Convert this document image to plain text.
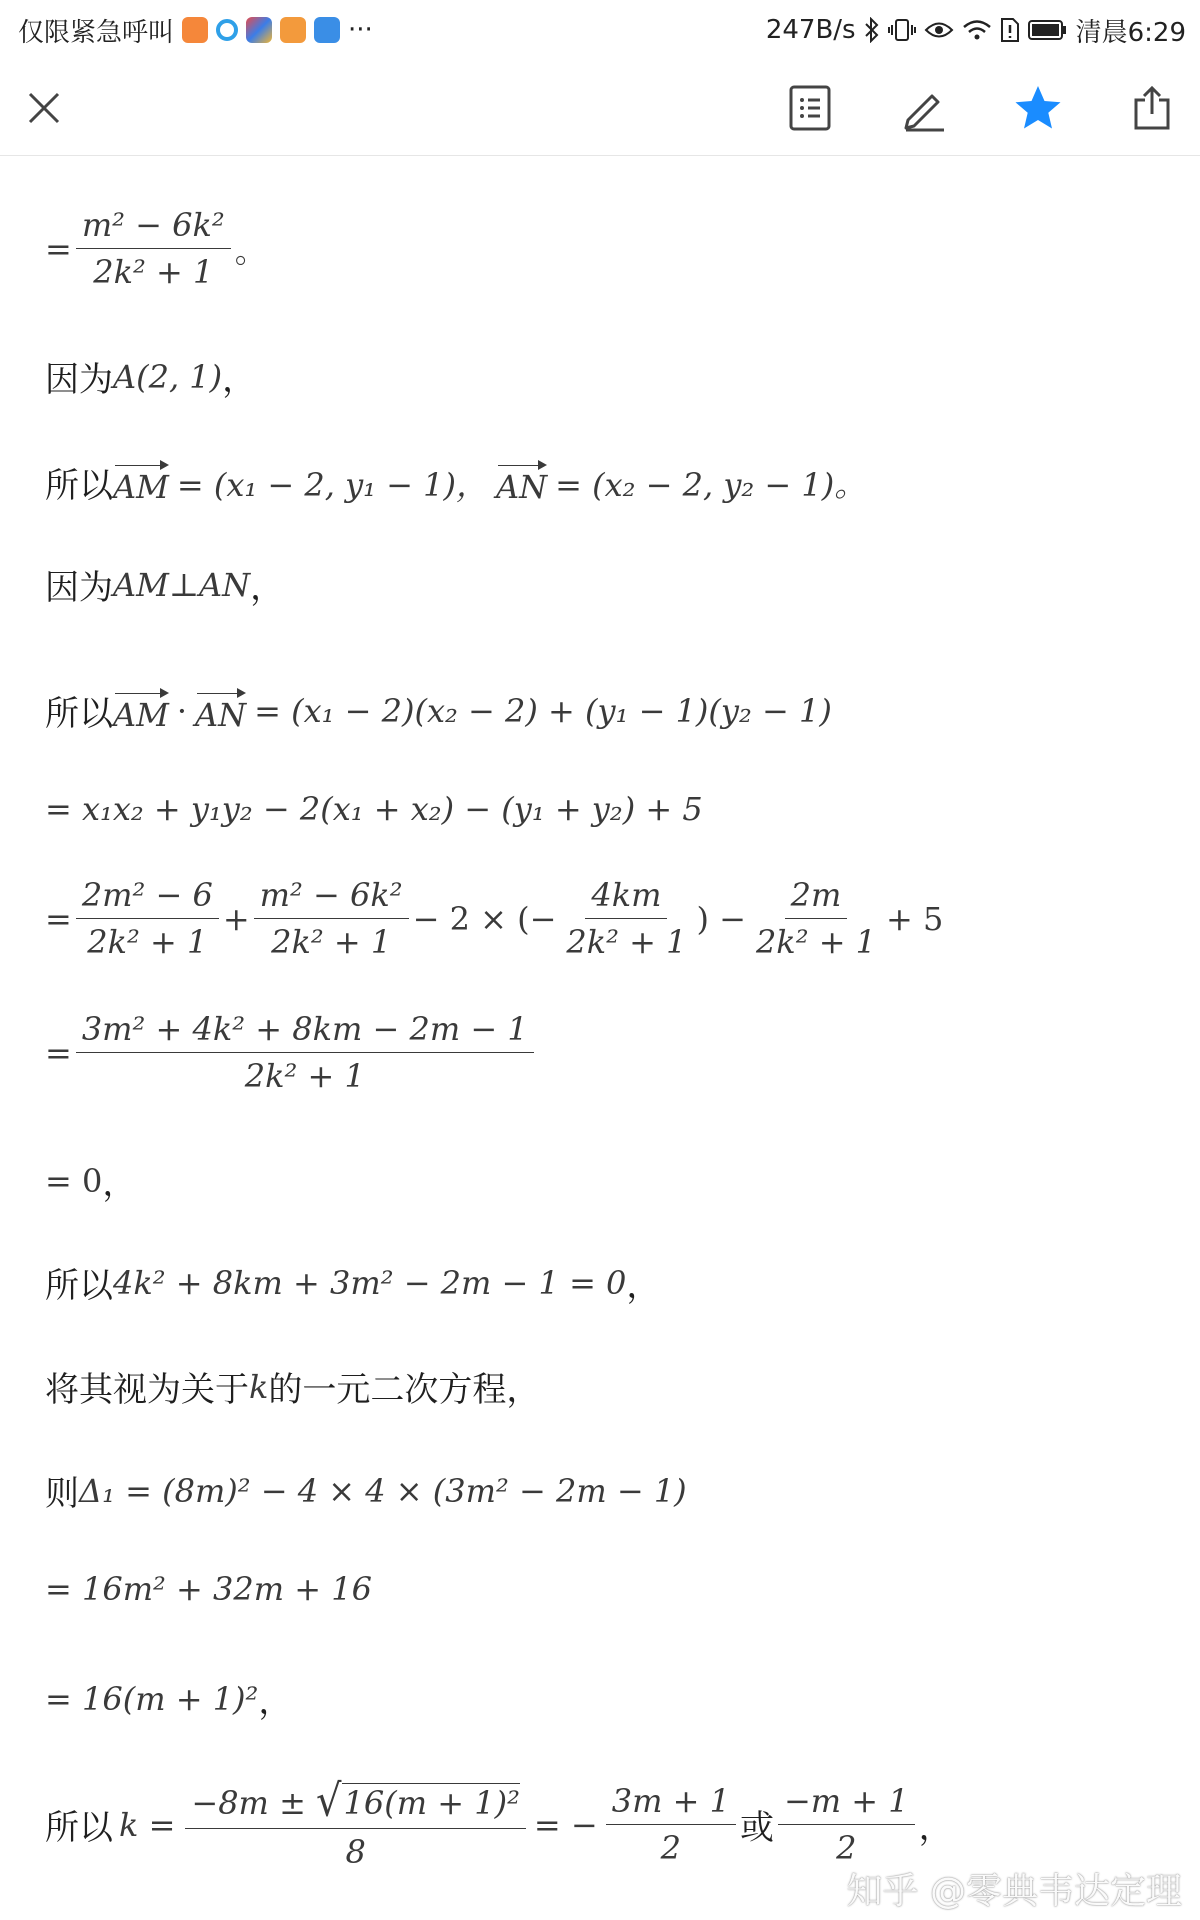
仅限紧急呼叫	···	247B/s	清晨6:29
= $\frac{\text{m² − 6k²}}{\text{2k² + 1}}$ 。
因为 A(2, 1) ，
所以 AM = (x₁ − 2, y₁ − 1)， AN = (x₂ − 2, y₂ − 1)。
因为 AM⊥AN ，
所以 AM · AN = (x₁ − 2)(x₂ − 2) + (y₁ − 1)(y₂ − 1)
= x₁x₂ + y₁y₂ − 2(x₁ + x₂) − (y₁ + y₂) + 5
= $\frac{\text{2m² − 6}}{\text{2k² + 1}} + \frac{\text{m² − 6k²}}{\text{2k² + 1}} - 2$ × (− $\frac{4km}{\text{2k² + 1}}$ ) − $\frac{2m}{\text{2k² + 1}} + 5$
= $\frac{\text{3m² + 4k² + 8km − 2m − 1}}{\text{2k² + 1}}$
= 0 ，
所以 4k² + 8km + 3m² − 2m − 1 = 0 ，
将其视为关于 k 的一元二次方程，
则 Δ₁ = (8m)² − 4 × 4 × (3m² − 2m − 1)
= 16m² + 32m + 16
= 16(m + 1)² ，
所以 $k = \frac{\text{−8m ± √16(m + 1)²}}{8}$ = − $\frac{3m + 1}{2}$ 或 $\frac{-m + 1}{2}$ ，
知乎 @零典韦达定理
